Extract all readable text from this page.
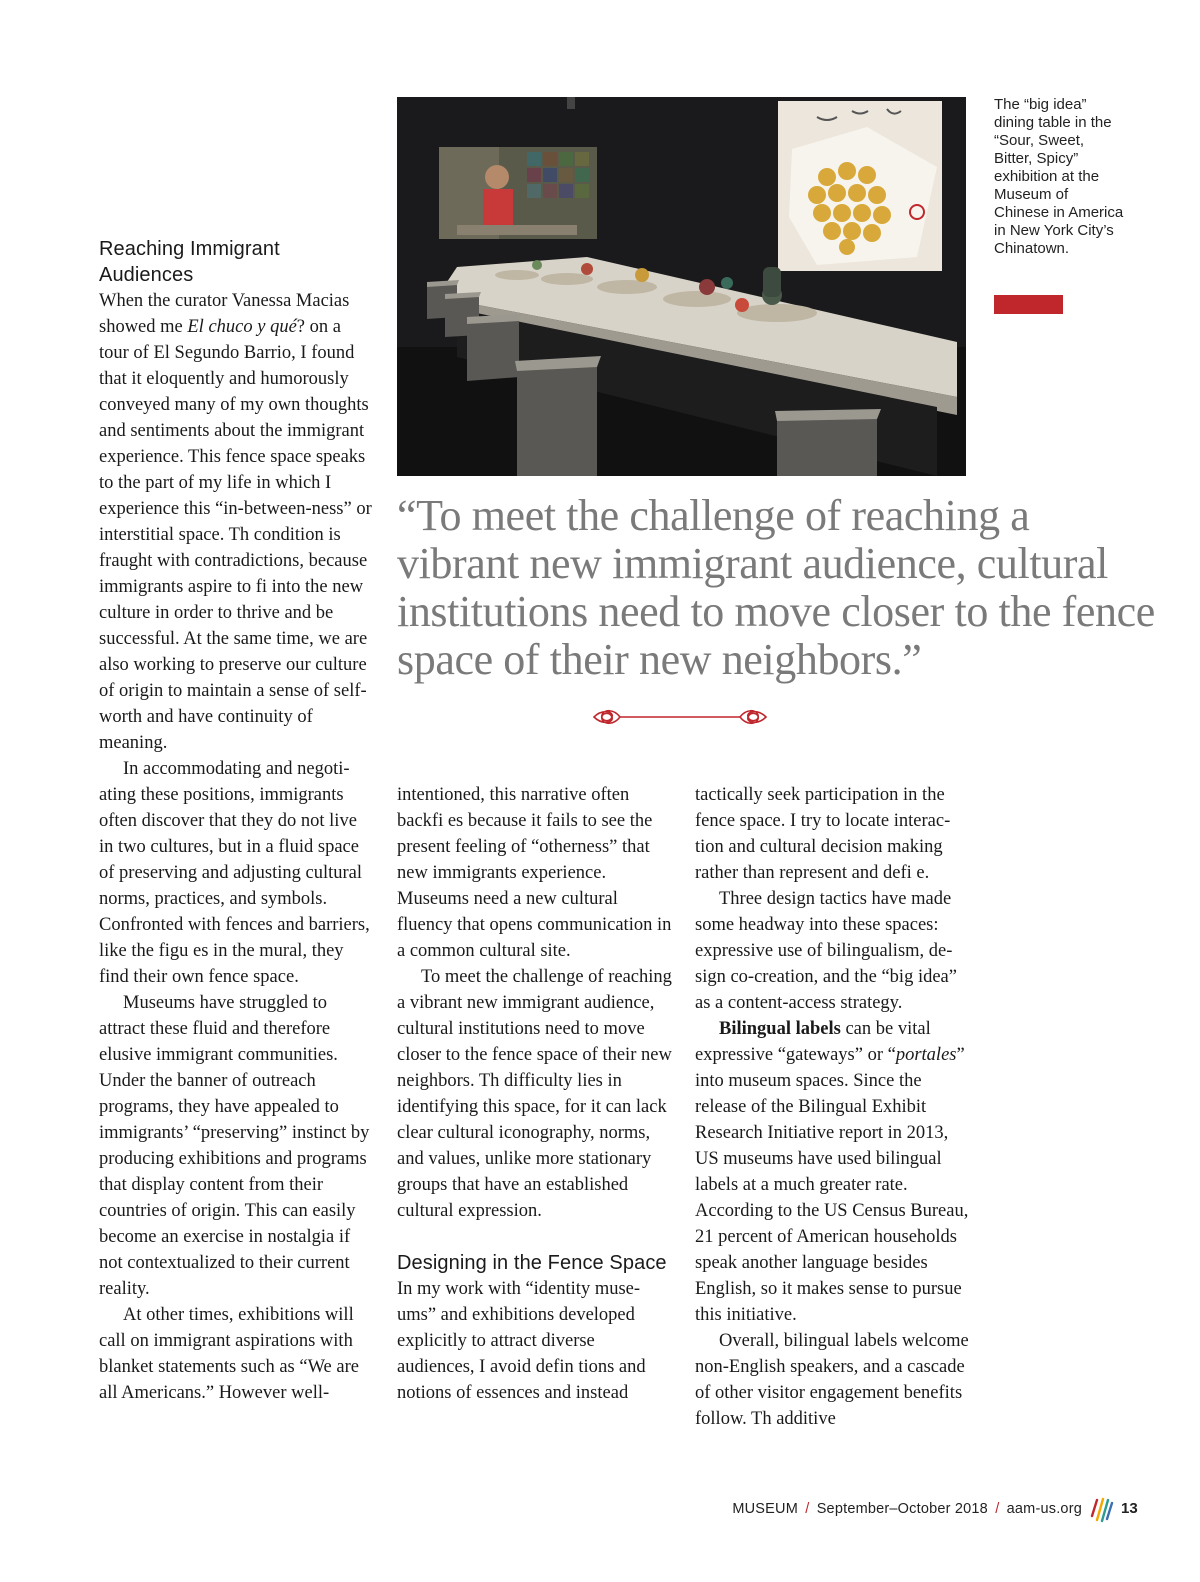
The “big idea” dining table in the “Sour, Sweet, Bitter, Spicy” exhibition at the Museum of Chinese in America in New York City’s Chinatown.
Reaching Immigrant Audiences

When the curator Vanessa Macias showed me El chuco y qué? on a tour of El Segundo Barrio, I found that it eloquently and humorously conveyed many of my own thoughts and sentiments about the immigrant experience. This fence space speaks to the part of my life in which I experience this “in-between-ness” or interstitial space. Th condition is fraught with contradictions, because immigrants aspire to fi into the new culture in order to thrive and be successful. At the same time, we are also working to preserve our culture of origin to maintain a sense of self-worth and have continuity of meaning.

In accommodating and negotiating these positions, immigrants often discover that they do not live in two cultures, but in a fluid space of preserving and adjusting cultural norms, practices, and symbols. Confronted with fences and barriers, like the figu es in the mural, they find their own fence space.

Museums have struggled to attract these fluid and therefore elusive immigrant communities. Under the banner of outreach programs, they have appealed to immigrants’ “preserving” instinct by producing exhibitions and programs that display content from their countries of origin. This can easily become an exercise in nostalgia if not contextualized to their current reality.

At other times, exhibitions will call on immigrant aspirations with blanket statements such as “We are all Americans.” However well-

“To meet the challenge of reaching a vibrant new immigrant audience, cultural institutions need to move closer to the fence space of their new neighbors.”

intentioned, this narrative often backfi es because it fails to see the present feeling of “otherness” that new immigrants experience. Museums need a new cultural fluency that opens communication in a common cultural site.

To meet the challenge of reaching a vibrant new immigrant audience, cultural institutions need to move closer to the fence space of their new neighbors. Th difficulty lies in identifying this space, for it can lack clear cultural iconography, norms, and values, unlike more stationary groups that have an established cultural expression.

Designing in the Fence Space

In my work with “identity museums” and exhibitions developed explicitly to attract diverse audiences, I avoid defin tions and notions of essences and instead

tactically seek participation in the fence space. I try to locate interaction and cultural decision making rather than represent and defi e.

Three design tactics have made some headway into these spaces: expressive use of bilingualism, design co-creation, and the “big idea” as a content-access strategy.

Bilingual labels can be vital expressive “gateways” or “portales” into museum spaces. Since the release of the Bilingual Exhibit Research Initiative report in 2013, US museums have used bilingual labels at a much greater rate. According to the US Census Bureau, 21 percent of American households speak another language besides English, so it makes sense to pursue this initiative.

Overall, bilingual labels welcome non-English speakers, and a cascade of other visitor engagement benefits follow. Th additive

MUSEUM / September–October 2018 / aam-us.org	13
